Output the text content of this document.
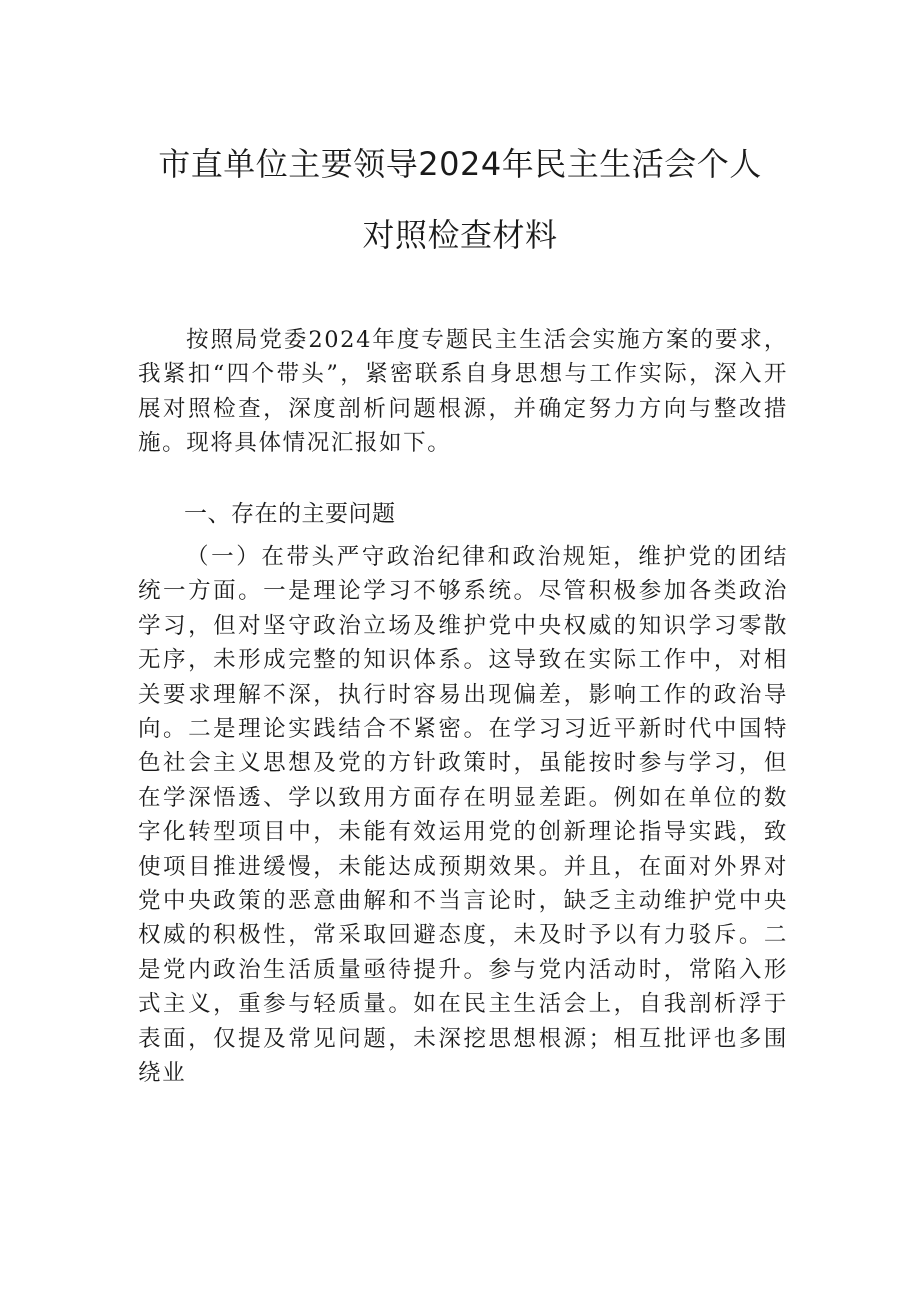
市直单位主要领导2024年民主生活会个人
对照检查材料

按照局党委2024年度专题民主生活会实施方案的要求，我紧扣“四个带头”，紧密联系自身思想与工作实际，深入开展对照检查，深度剖析问题根源，并确定努力方向与整改措施。现将具体情况汇报如下。

一、存在的主要问题

（一）在带头严守政治纪律和政治规矩，维护党的团结统一方面。一是理论学习不够系统。尽管积极参加各类政治学习，但对坚守政治立场及维护党中央权威的知识学习零散无序，未形成完整的知识体系。这导致在实际工作中，对相关要求理解不深，执行时容易出现偏差，影响工作的政治导向。二是理论实践结合不紧密。在学习习近平新时代中国特色社会主义思想及党的方针政策时，虽能按时参与学习，但在学深悟透、学以致用方面存在明显差距。例如在单位的数字化转型项目中，未能有效运用党的创新理论指导实践，致使项目推进缓慢，未能达成预期效果。并且，在面对外界对党中央政策的恶意曲解和不当言论时，缺乏主动维护党中央权威的积极性，常采取回避态度，未及时予以有力驳斥。二是党内政治生活质量亟待提升。参与党内活动时，常陷入形式主义，重参与轻质量。如在民主生活会上，自我剖析浮于表面，仅提及常见问题，未深挖思想根源；相互批评也多围绕业
